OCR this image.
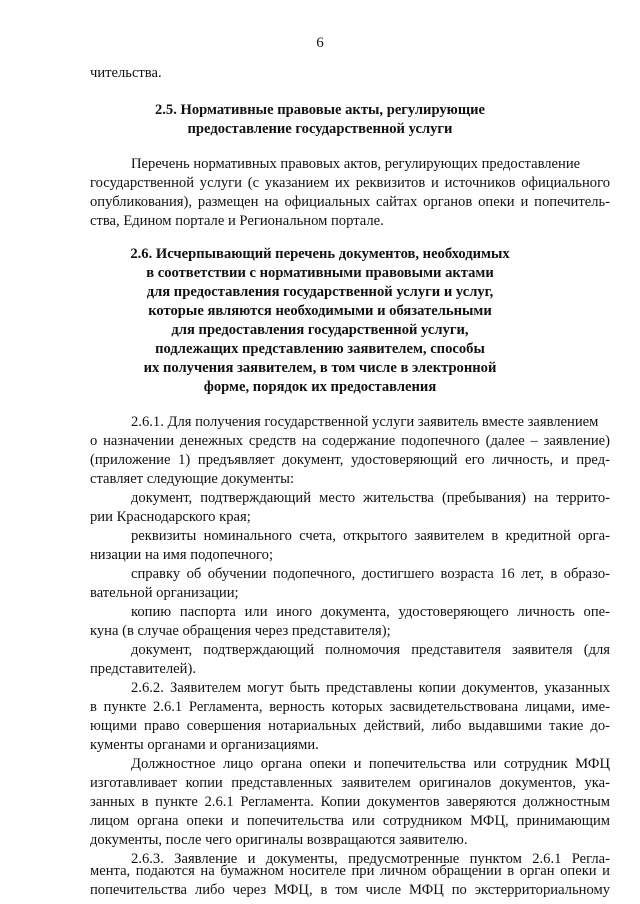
6
чительства.
2.5. Нормативные правовые акты, регулирующие
предоставление государственной услуги
Перечень нормативных правовых актов, регулирующих предоставление
государственной услуги (с указанием их реквизитов и источников официального
опубликования), размещен на официальных сайтах органов опеки и попечитель-
ства, Едином портале и Региональном портале.
2.6. Исчерпывающий перечень документов, необходимых
в соответствии с нормативными правовыми актами
для предоставления государственной услуги и услуг,
которые являются необходимыми и обязательными
для предоставления государственной услуги,
подлежащих представлению заявителем, способы
их получения заявителем, в том числе в электронной
форме, порядок их предоставления
2.6.1. Для получения государственной услуги заявитель вместе заявлением
о назначении денежных средств на содержание подопечного (далее – заявление)
(приложение 1) предъявляет документ, удостоверяющий его личность, и пред-
ставляет следующие документы:
документ, подтверждающий место жительства (пребывания) на террито-
рии Краснодарского края;
реквизиты номинального счета, открытого заявителем в кредитной орга-
низации на имя подопечного;
справку об обучении подопечного, достигшего возраста 16 лет, в образо-
вательной организации;
копию паспорта или иного документа, удостоверяющего личность опе-
куна (в случае обращения через представителя);
документ, подтверждающий полномочия представителя заявителя (для
представителей).
2.6.2. Заявителем могут быть представлены копии документов, указанных
в пункте 2.6.1 Регламента, верность которых засвидетельствована лицами, име-
ющими право совершения нотариальных действий, либо выдавшими такие до-
кументы органами и организациями.
Должностное лицо органа опеки и попечительства или сотрудник МФЦ
изготавливает копии представленных заявителем оригиналов документов, ука-
занных в пункте 2.6.1 Регламента. Копии документов заверяются должностным
лицом органа опеки и попечительства или сотрудником МФЦ, принимающим
документы, после чего оригиналы возвращаются заявителю.
2.6.3. Заявление и документы, предусмотренные пунктом 2.6.1 Регла-
мента, подаются на бумажном носителе при личном обращении в орган опеки и
попечительства либо через МФЦ, в том числе МФЦ по экстерриториальному
